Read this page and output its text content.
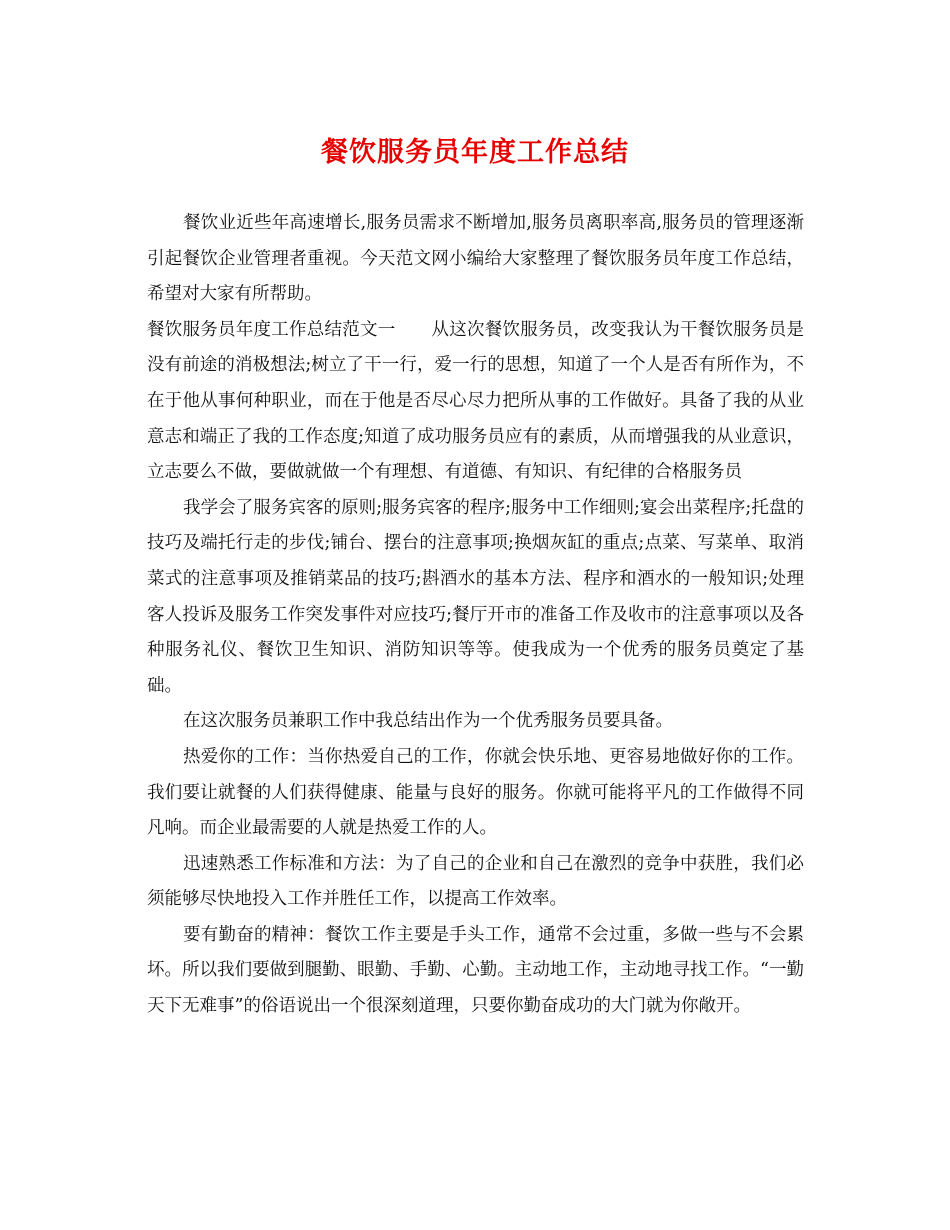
餐饮服务员年度工作总结

餐饮业近些年高速增长,服务员需求不断增加,服务员离职率高,服务员的管理逐渐引起餐饮企业管理者重视。今天范文网小编给大家整理了餐饮服务员年度工作总结，希望对大家有所帮助。

餐饮服务员年度工作总结范文一 从这次餐饮服务员，改变我认为干餐饮服务员是没有前途的消极想法;树立了干一行，爱一行的思想，知道了一个人是否有所作为，不在于他从事何种职业，而在于他是否尽心尽力把所从事的工作做好。具备了我的从业意志和端正了我的工作态度;知道了成功服务员应有的素质，从而增强我的从业意识，立志要么不做，要做就做一个有理想、有道德、有知识、有纪律的合格服务员

我学会了服务宾客的原则;服务宾客的程序;服务中工作细则;宴会出菜程序;托盘的技巧及端托行走的步伐;铺台、摆台的注意事项;换烟灰缸的重点;点菜、写菜单、取消菜式的注意事项及推销菜品的技巧;斟酒水的基本方法、程序和酒水的一般知识;处理客人投诉及服务工作突发事件对应技巧;餐厅开市的准备工作及收市的注意事项以及各种服务礼仪、餐饮卫生知识、消防知识等等。使我成为一个优秀的服务员奠定了基础。

在这次服务员兼职工作中我总结出作为一个优秀服务员要具备。

热爱你的工作：当你热爱自己的工作，你就会快乐地、更容易地做好你的工作。我们要让就餐的人们获得健康、能量与良好的服务。你就可能将平凡的工作做得不同凡响。而企业最需要的人就是热爱工作的人。

迅速熟悉工作标准和方法：为了自己的企业和自己在激烈的竞争中获胜，我们必须能够尽快地投入工作并胜任工作，以提高工作效率。

要有勤奋的精神：餐饮工作主要是手头工作，通常不会过重，多做一些与不会累坏。所以我们要做到腿勤、眼勤、手勤、心勤。主动地工作，主动地寻找工作。“一勤天下无难事”的俗语说出一个很深刻道理，只要你勤奋成功的大门就为你敞开。
